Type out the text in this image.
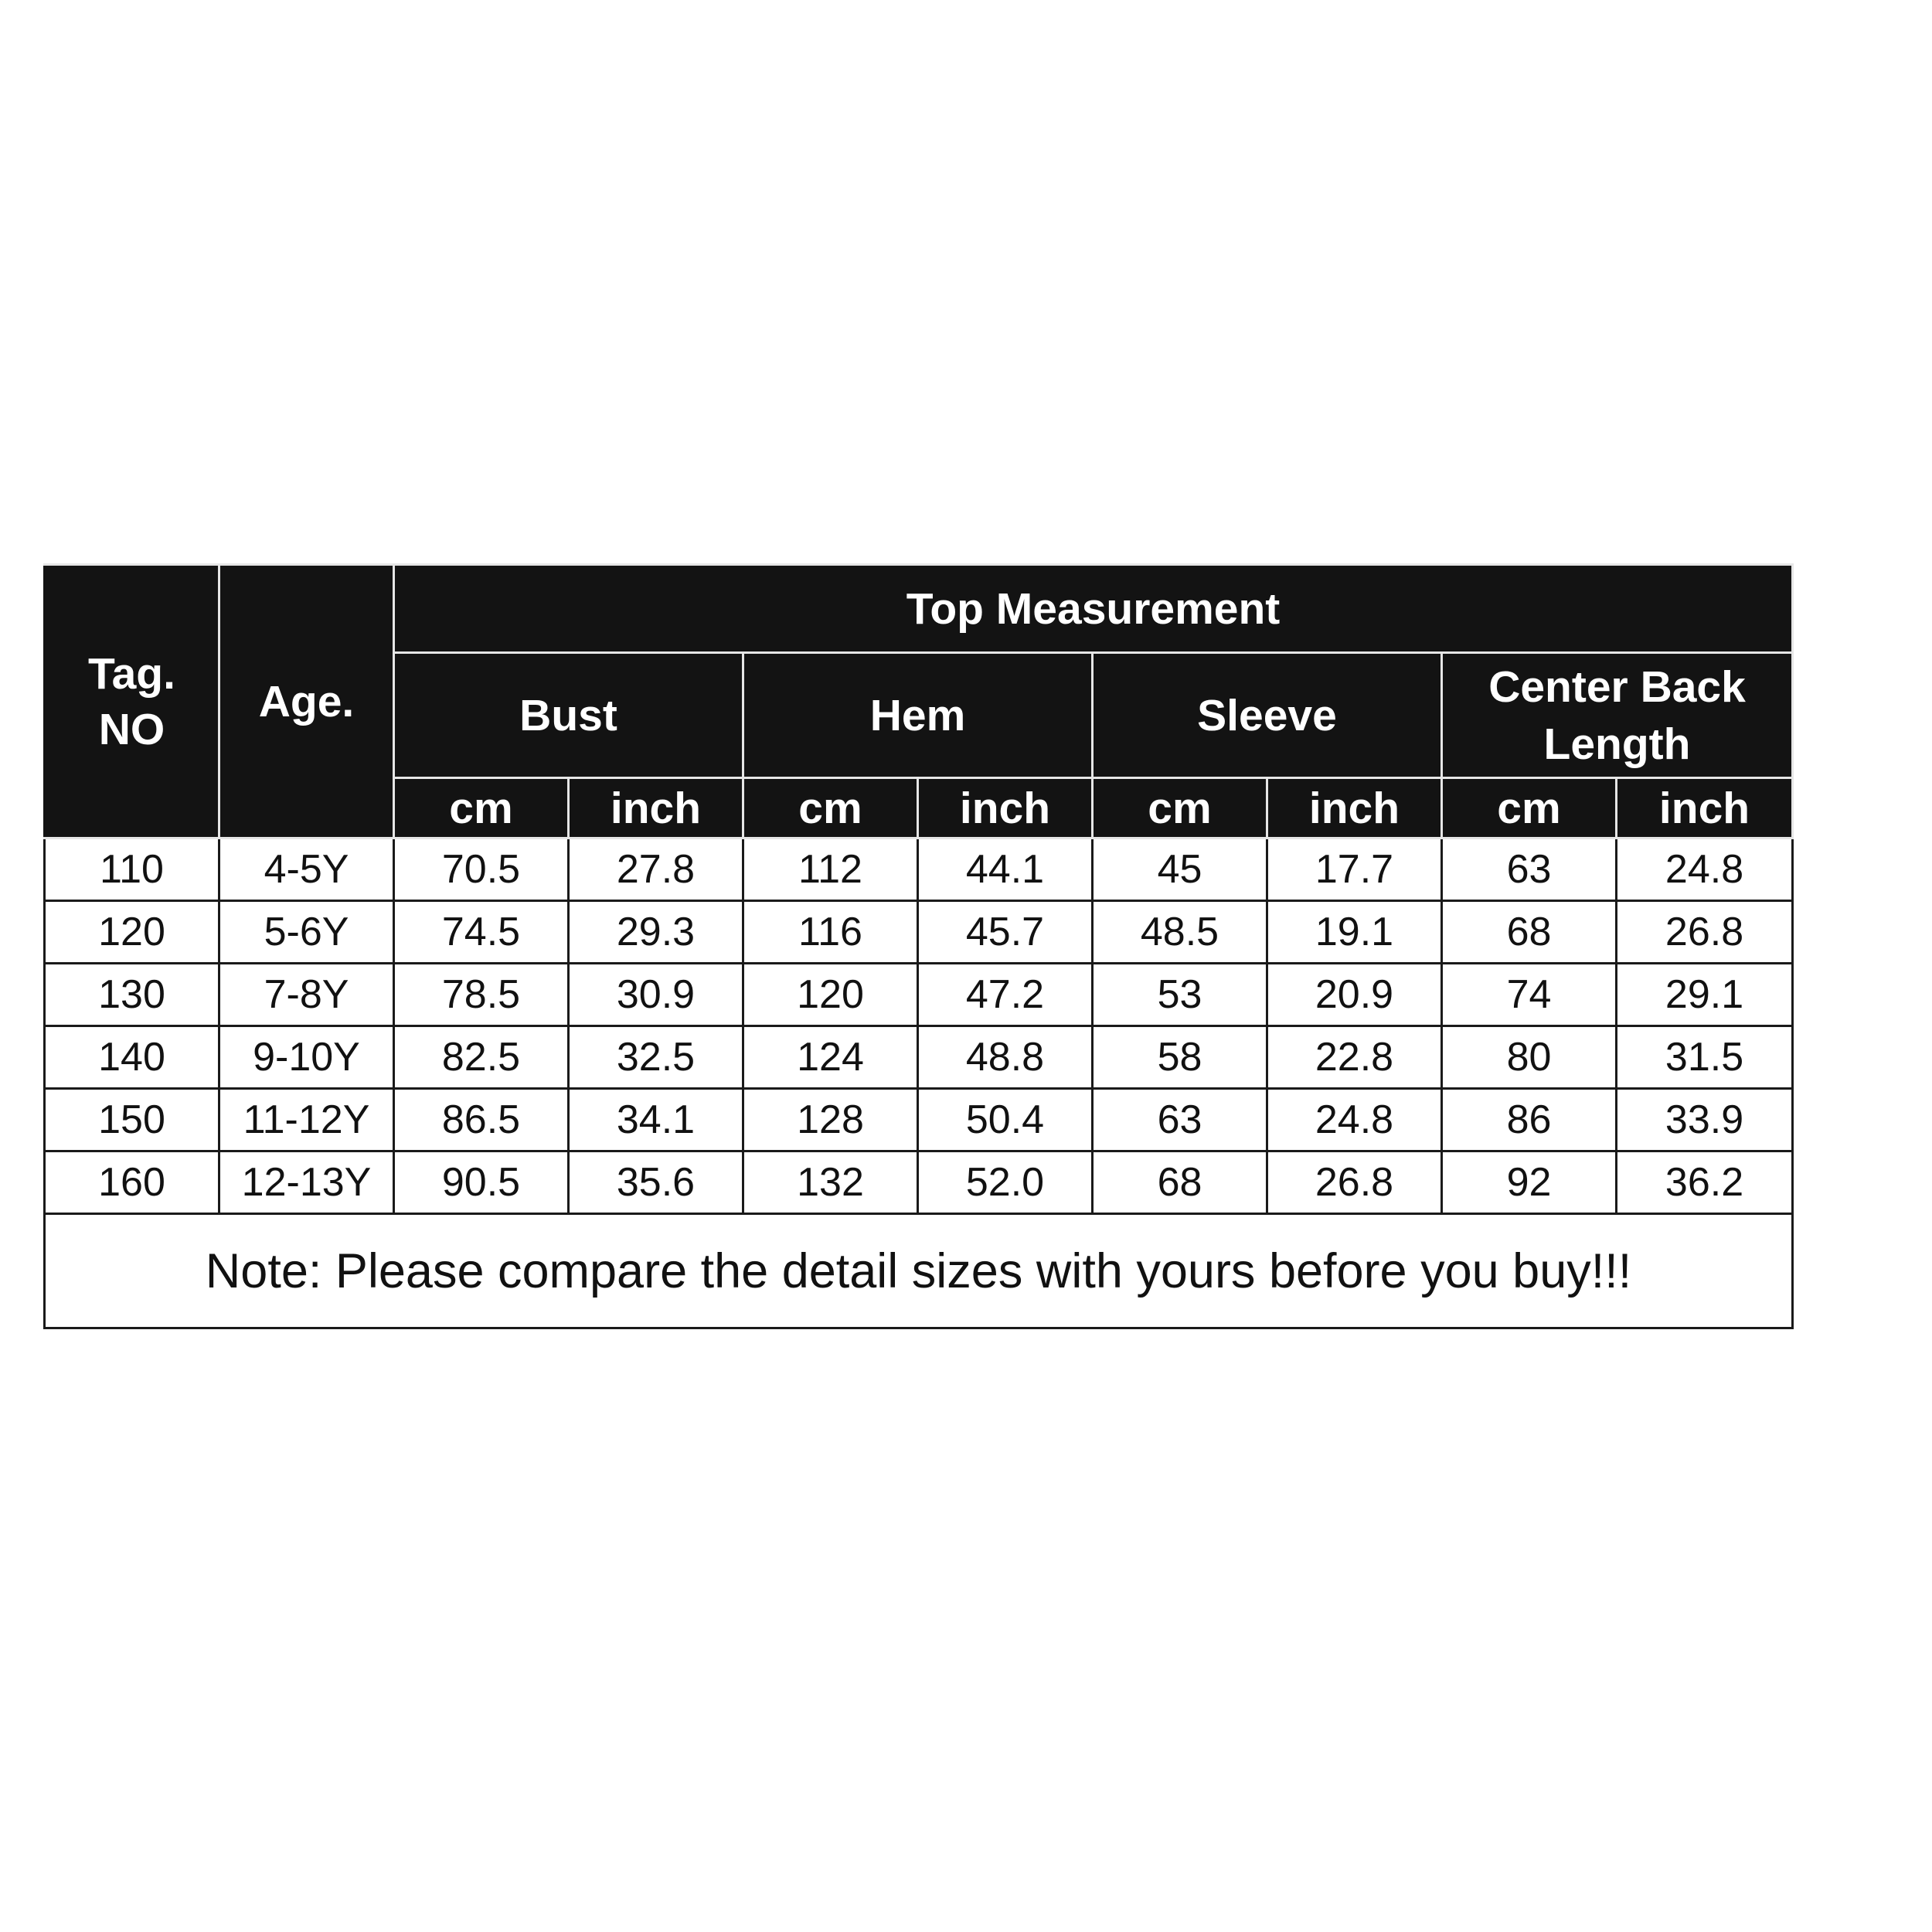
Tag.
NO	Age.	Top Measurement							
		Bust		Hem		Sleeve		Center Back
Length	

		cm	inch	cm	inch	cm	inch	cm	inch
110	4-5Y	70.5	27.8	112	44.1	45	17.7	63	24.8
120	5-6Y	74.5	29.3	116	45.7	48.5	19.1	68	26.8
130	7-8Y	78.5	30.9	120	47.2	53	20.9	74	29.1
140	9-10Y	82.5	32.5	124	48.8	58	22.8	80	31.5
150	11-12Y	86.5	34.1	128	50.4	63	24.8	86	33.9
160	12-13Y	90.5	35.6	132	52.0	68	26.8	92	36.2
Note: Please compare the detail sizes with yours before you buy!!!									
